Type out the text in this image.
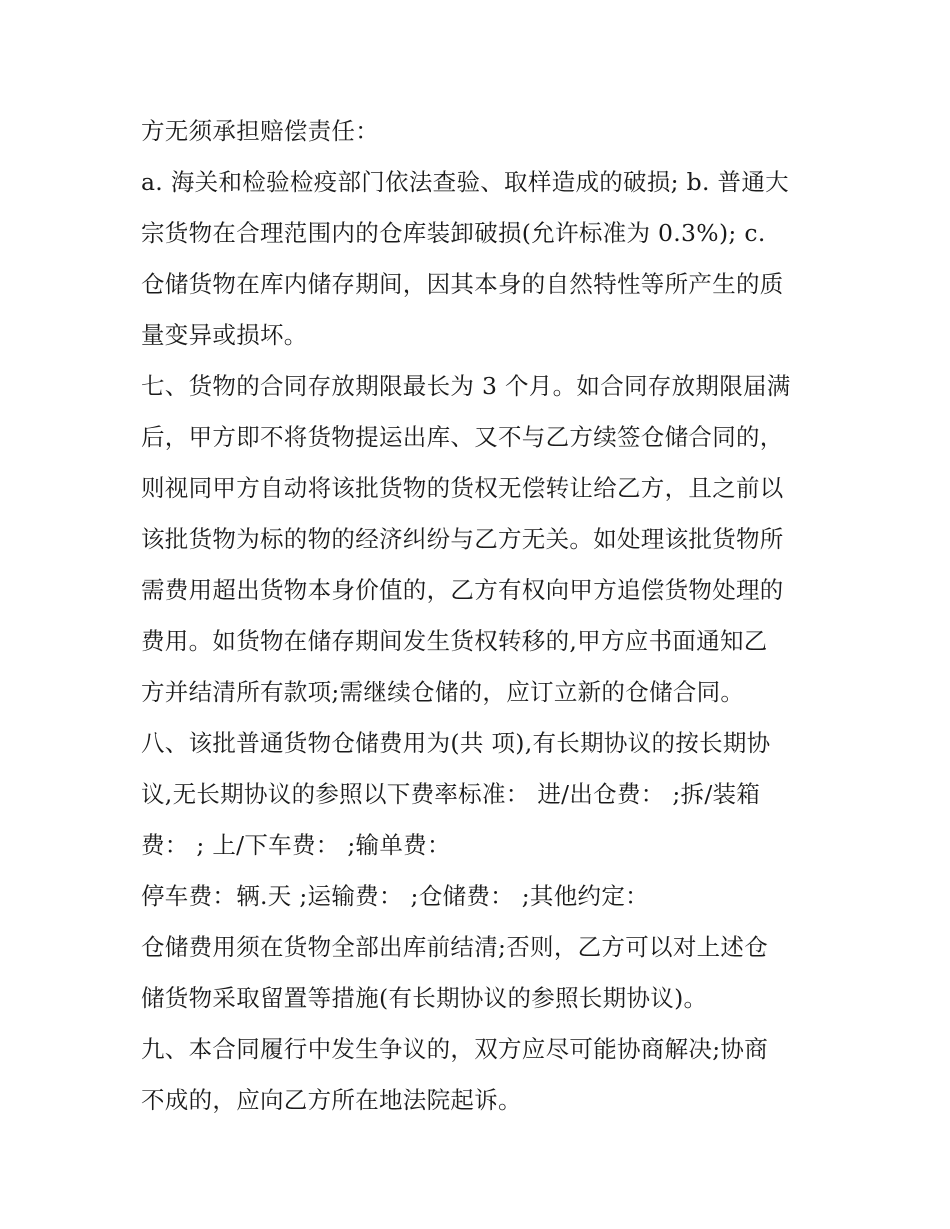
方无须承担赔偿责任：
a. 海关和检验检疫部门依法查验、取样造成的破损; b. 普通大
宗货物在合理范围内的仓库装卸破损(允许标准为 0.3%); c.
仓储货物在库内储存期间，因其本身的自然特性等所产生的质
量变异或损坏。
七、货物的合同存放期限最长为 3 个月。如合同存放期限届满
后，甲方即不将货物提运出库、又不与乙方续签仓储合同的，
则视同甲方自动将该批货物的货权无偿转让给乙方，且之前以
该批货物为标的物的经济纠纷与乙方无关。如处理该批货物所
需费用超出货物本身价值的，乙方有权向甲方追偿货物处理的
费用。如货物在储存期间发生货权转移的,甲方应书面通知乙
方并结清所有款项;需继续仓储的，应订立新的仓储合同。
八、该批普通货物仓储费用为(共 项),有长期协议的按长期协
议,无长期协议的参照以下费率标准： 进/出仓费： ;拆/装箱
费： ; 上/下车费： ;输单费：
停车费：辆.天 ;运输费： ;仓储费： ;其他约定：
仓储费用须在货物全部出库前结清;否则，乙方可以对上述仓
储货物采取留置等措施(有长期协议的参照长期协议)。
九、本合同履行中发生争议的，双方应尽可能协商解决;协商
不成的，应向乙方所在地法院起诉。
